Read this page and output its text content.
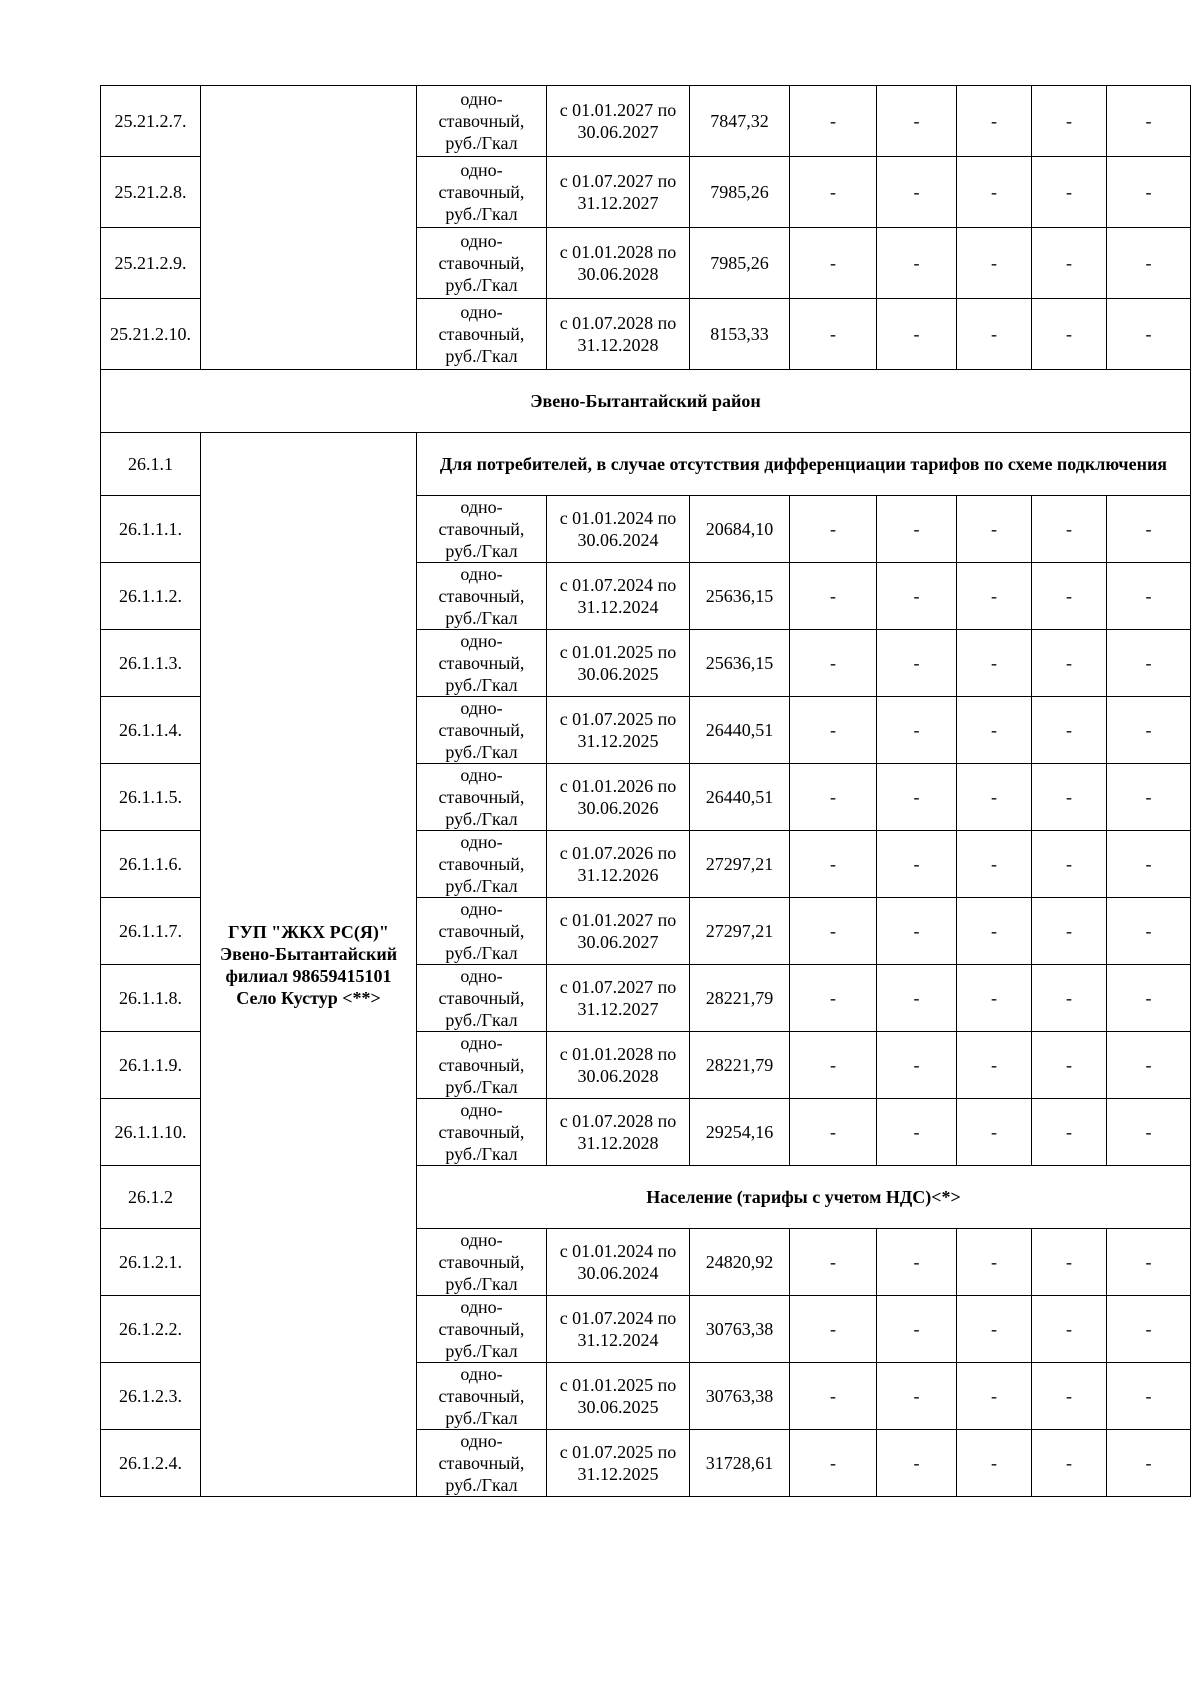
25.21.2.7.		одно-ставочный, руб./Гкал	с 01.01.2027 по 30.06.2027	7847,32	-	-	-	-	-
25.21.2.8.		одно-ставочный, руб./Гкал	с 01.07.2027 по 31.12.2027	7985,26	-	-	-	-	-
25.21.2.9.		одно-ставочный, руб./Гкал	с 01.01.2028 по 30.06.2028	7985,26	-	-	-	-	-
25.21.2.10.		одно-ставочный, руб./Гкал	с 01.07.2028 по 31.12.2028	8153,33	-	-	-	-	-
Эвено-Бытантайский район									
26.1.1	ГУП "ЖКХ РС(Я)" Эвено-Бытантайский филиал 98659415101 Село Кустур <**>	Для потребителей, в случае отсутствия дифференциации тарифов по схеме подключения							
26.1.1.1.		одно-ставочный, руб./Гкал	с 01.01.2024 по 30.06.2024	20684,10	-	-	-	-	-
26.1.1.2.		одно-ставочный, руб./Гкал	с 01.07.2024 по 31.12.2024	25636,15	-	-	-	-	-
26.1.1.3.		одно-ставочный, руб./Гкал	с 01.01.2025 по 30.06.2025	25636,15	-	-	-	-	-
26.1.1.4.		одно-ставочный, руб./Гкал	с 01.07.2025 по 31.12.2025	26440,51	-	-	-	-	-
26.1.1.5.		одно-ставочный, руб./Гкал	с 01.01.2026 по 30.06.2026	26440,51	-	-	-	-	-
26.1.1.6.		одно-ставочный, руб./Гкал	с 01.07.2026 по 31.12.2026	27297,21	-	-	-	-	-
26.1.1.7.		одно-ставочный, руб./Гкал	с 01.01.2027 по 30.06.2027	27297,21	-	-	-	-	-
26.1.1.8.		одно-ставочный, руб./Гкал	с 01.07.2027 по 31.12.2027	28221,79	-	-	-	-	-
26.1.1.9.		одно-ставочный, руб./Гкал	с 01.01.2028 по 30.06.2028	28221,79	-	-	-	-	-
26.1.1.10.		одно-ставочный, руб./Гкал	с 01.07.2028 по 31.12.2028	29254,16	-	-	-	-	-
26.1.2		Население (тарифы с учетом НДС)<*>							
26.1.2.1.		одно-ставочный, руб./Гкал	с 01.01.2024 по 30.06.2024	24820,92	-	-	-	-	-
26.1.2.2.		одно-ставочный, руб./Гкал	с 01.07.2024 по 31.12.2024	30763,38	-	-	-	-	-
26.1.2.3.		одно-ставочный, руб./Гкал	с 01.01.2025 по 30.06.2025	30763,38	-	-	-	-	-
26.1.2.4.		одно-ставочный, руб./Гкал	с 01.07.2025 по 31.12.2025	31728,61	-	-	-	-	-
